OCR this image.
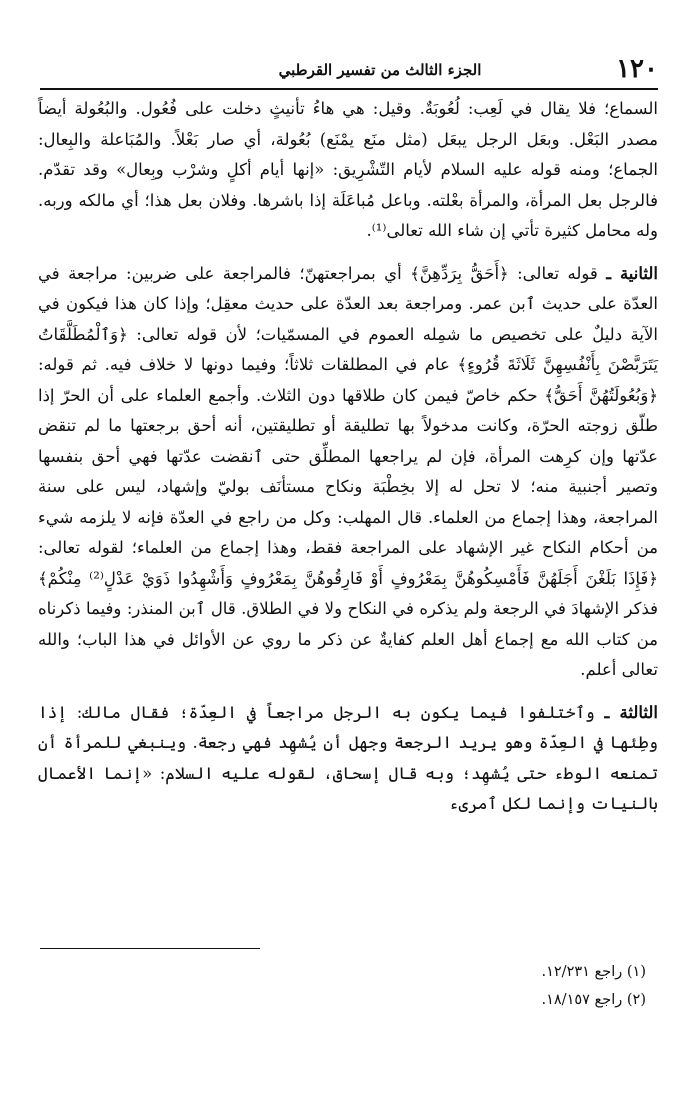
١٢٠
الجزء الثالث من تفسير القرطبي

السماع؛ فلا يقال في لَعِب: لُعُوبَةٌ. وقيل: هي هاءُ تأنيثٍ دخلت على فُعُول. والبُعُولة أيضاً مصدر البَعْل. وبعَل الرجل يبعَل (مثل منَع يمْنَع) بُعُولة، أي صار بَعْلاً. والمُبَاعلة والبِعال: الجماع؛ ومنه قوله عليه السلام لأيام التّشْرِيق: «إنها أيام أكلٍ وشرْب وبِعال» وقد تقدّم. فالرجل بعل المرأة، والمرأة بعْلته. وباعل مُباعَلَة إذا باشرها. وفلان بعل هذا؛ أي مالكه وربه. وله محامل كثيرة تأتي إن شاء الله تعالى⁽¹⁾.

الثانية ـ قوله تعالى: ﴿أَحَقُّ بِرَدِّهِنَّ﴾ أي بمراجعتهنّ؛ فالمراجعة على ضربين: مراجعة في العدّة على حديث ٱبن عمر. ومراجعة بعد العدّة على حديث معقِل؛ وإذا كان هذا فيكون في الآية دليلٌ على تخصيص ما شمِله العموم في المسمّيات؛ لأن قوله تعالى: ﴿وَٱلْمُطَلَّقَاتُ يَتَرَبَّصْنَ بِأَنْفُسِهِنَّ ثَلَاثَةَ قُرُوءٍ﴾ عام في المطلقات ثلاثاً؛ وفيما دونها لا خلاف فيه. ثم قوله: ﴿وَبُعُولَتُهُنَّ أَحَقُّ﴾ حكم خاصّ فيمن كان طلاقها دون الثلاث. وأجمع العلماء على أن الحرّ إذا طلّق زوجته الحرّة، وكانت مدخولاً بها تطليقة أو تطليقتين، أنه أحق برجعتها ما لم تنقض عدّتها وإن كرِهت المرأة، فإن لم يراجعها المطلِّق حتى ٱنقضت عدّتها فهي أحق بنفسها وتصير أجنبية منه؛ لا تحل له إلا بخِطْبَة ونكاح مستأنَف بوليّ وإشهاد، ليس على سنة المراجعة، وهذا إجماع من العلماء. قال المهلب: وكل من راجع في العدّة فإنه لا يلزمه شيء من أحكام النكاح غير الإشهاد على المراجعة فقط، وهذا إجماع من العلماء؛ لقوله تعالى: ﴿فَإِذَا بَلَغْنَ أَجَلَهُنَّ فَأَمْسِكُوهُنَّ بِمَعْرُوفٍ أَوْ فَارِقُوهُنَّ بِمَعْرُوفٍ وَأَشْهِدُوا ذَوَيْ عَدْلٍ⁽²⁾ مِنْكُمْ﴾ فذكر الإشهادَ في الرجعة ولم يذكره في النكاح ولا في الطلاق. قال ٱبن المنذر: وفيما ذكرناه من كتاب الله مع إجماع أهل العلم كفايةٌ عن ذكر ما روي عن الأوائل في هذا الباب؛ والله تعالى أعلم.

الثالثة ـ وٱختلفوا فيما يكون به الرجل مراجعاً في العِدّة؛ فقال مالك: إذا وطِئها في العِدّة وهو يريد الرجعة وجهل أن يُشهِد فهي رجعة. وينبغي للمرأة أن تمنعه الوطء حتى يُشهِد؛ وبه قال إسحاق، لقوله عليه السلام: «إنما الأعمال بالنيات وإنما لكل ٱمرىء

(١) راجع ١٢/٢٣١.

(٢) راجع ١٨/١٥٧.
